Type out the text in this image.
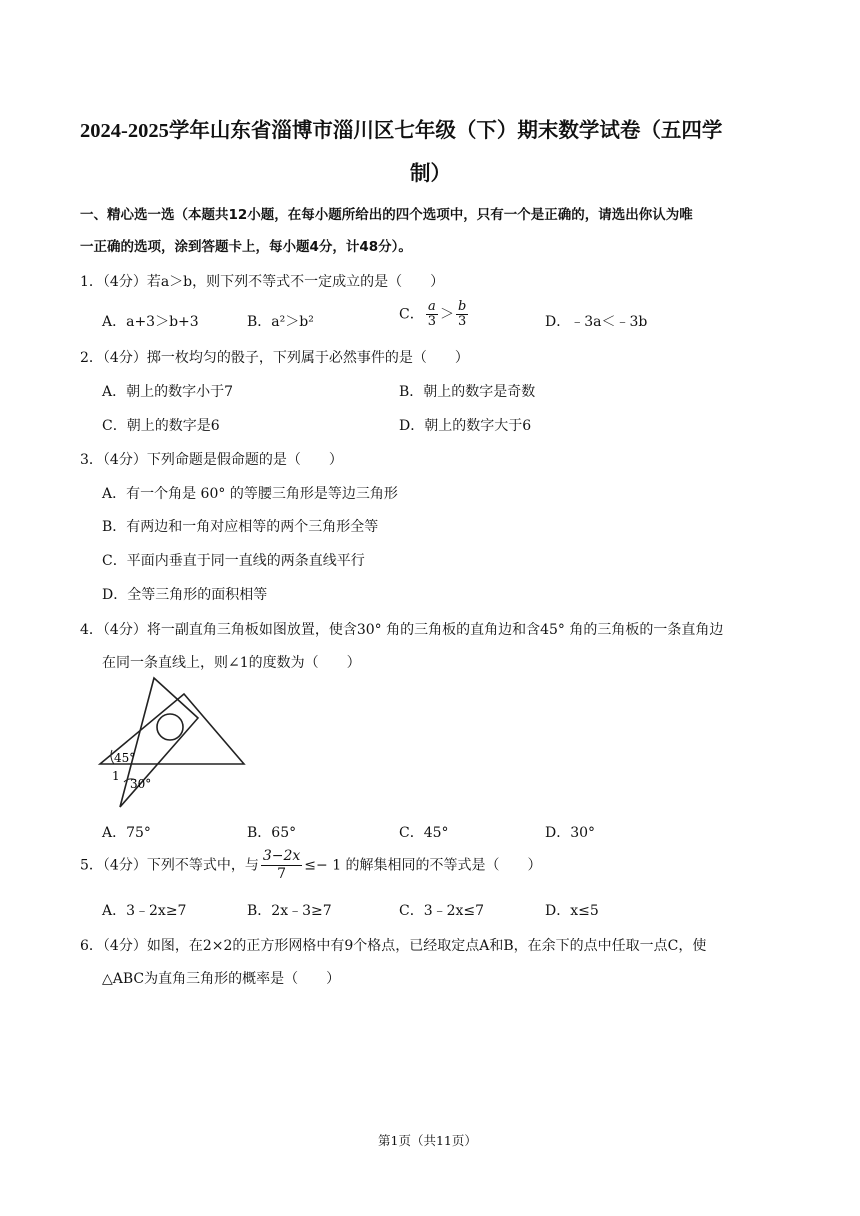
2024-2025学年山东省淄博市淄川区七年级（下）期末数学试卷（五四学
制）
一、精心选一选（本题共12小题，在每小题所给出的四个选项中，只有一个是正确的，请选出你认为唯
一正确的选项，涂到答题卡上，每小题4分，计48分）。
1．（4分）若a＞b，则下列不等式不一定成立的是（　　）
A．a+3＞b+3	B．a²＞b²	C． $\frac{a}{3} > \frac{b}{3}$	D．﹣3a＜﹣3b
2．（4分）掷一枚均匀的骰子，下列属于必然事件的是（　　）
A．朝上的数字小于7	B．朝上的数字是奇数
C．朝上的数字是6	D．朝上的数字大于6
3．（4分）下列命题是假命题的是（　　）
A．有一个角是 60° 的等腰三角形是等边三角形
B．有两边和一角对应相等的两个三角形全等
C．平面内垂直于同一直线的两条直线平行
D．全等三角形的面积相等
4．（4分）将一副直角三角板如图放置，使含30° 角的三角板的直角边和含45° 角的三角板的一条直角边
在同一条直线上，则∠1的度数为（　　）
45°
1
30°
A．75°	B．65°	C．45°	D．30°
5．（4分）下列不等式中，与 $\frac{3-2x}{7} \le- 1$ 的解集相同的不等式是（　　）
A．3﹣2x≥7	B．2x﹣3≥7	C．3﹣2x≤7	D．x≤5
6．（4分）如图，在2×2的正方形网格中有9个格点，已经取定点A和B，在余下的点中任取一点C，使
△ABC为直角三角形的概率是（　　）
第1页（共11页）
